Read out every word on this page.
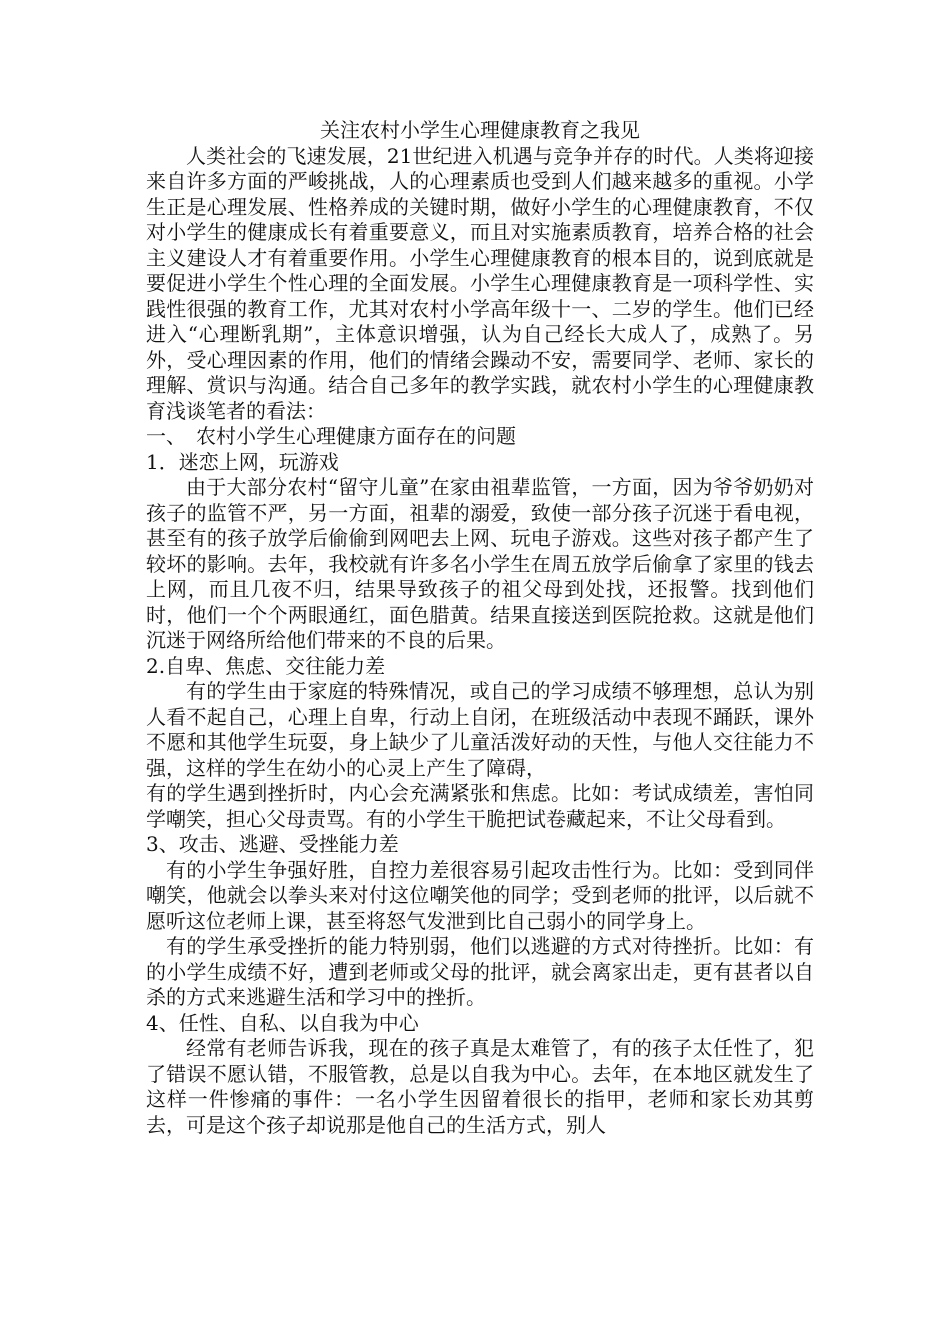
关注农村小学生心理健康教育之我见

人类社会的飞速发展，21世纪进入机遇与竞争并存的时代。人类将迎接来自许多方面的严峻挑战，人的心理素质也受到人们越来越多的重视。小学生正是心理发展、性格养成的关键时期，做好小学生的心理健康教育，不仅对小学生的健康成长有着重要意义，而且对实施素质教育，培养合格的社会主义建设人才有着重要作用。小学生心理健康教育的根本目的，说到底就是要促进小学生个性心理的全面发展。小学生心理健康教育是一项科学性、实践性很强的教育工作，尤其对农村小学高年级十一、二岁的学生。他们已经进入“心理断乳期”，主体意识增强，认为自己经长大成人了，成熟了。另外，受心理因素的作用，他们的情绪会躁动不安，需要同学、老师、家长的理解、赏识与沟通。结合自己多年的教学实践，就农村小学生的心理健康教育浅谈笔者的看法：

一、　农村小学生心理健康方面存在的问题

1．迷恋上网，玩游戏

由于大部分农村“留守儿童”在家由祖辈监管，一方面，因为爷爷奶奶对孩子的监管不严，另一方面，祖辈的溺爱，致使一部分孩子沉迷于看电视，甚至有的孩子放学后偷偷到网吧去上网、玩电子游戏。这些对孩子都产生了较坏的影响。去年，我校就有许多名小学生在周五放学后偷拿了家里的钱去上网，而且几夜不归，结果导致孩子的祖父母到处找，还报警。找到他们时，他们一个个两眼通红，面色腊黄。结果直接送到医院抢救。这就是他们沉迷于网络所给他们带来的不良的后果。

2.自卑、焦虑、交往能力差

有的学生由于家庭的特殊情况，或自己的学习成绩不够理想，总认为别人看不起自己，心理上自卑，行动上自闭，在班级活动中表现不踊跃，课外不愿和其他学生玩耍，身上缺少了儿童活泼好动的天性，与他人交往能力不强，这样的学生在幼小的心灵上产生了障碍，

有的学生遇到挫折时，内心会充满紧张和焦虑。比如：考试成绩差，害怕同学嘲笑，担心父母责骂。有的小学生干脆把试卷藏起来，不让父母看到。

3、攻击、逃避、受挫能力差

有的小学生争强好胜，自控力差很容易引起攻击性行为。比如：受到同伴嘲笑，他就会以拳头来对付这位嘲笑他的同学；受到老师的批评，以后就不愿听这位老师上课，甚至将怒气发泄到比自己弱小的同学身上。

有的学生承受挫折的能力特别弱，他们以逃避的方式对待挫折。比如：有的小学生成绩不好，遭到老师或父母的批评，就会离家出走，更有甚者以自杀的方式来逃避生活和学习中的挫折。

4、任性、自私、以自我为中心

经常有老师告诉我，现在的孩子真是太难管了，有的孩子太任性了，犯了错误不愿认错，不服管教，总是以自我为中心。去年，在本地区就发生了这样一件惨痛的事件：一名小学生因留着很长的指甲，老师和家长劝其剪去，可是这个孩子却说那是他自己的生活方式，别人
